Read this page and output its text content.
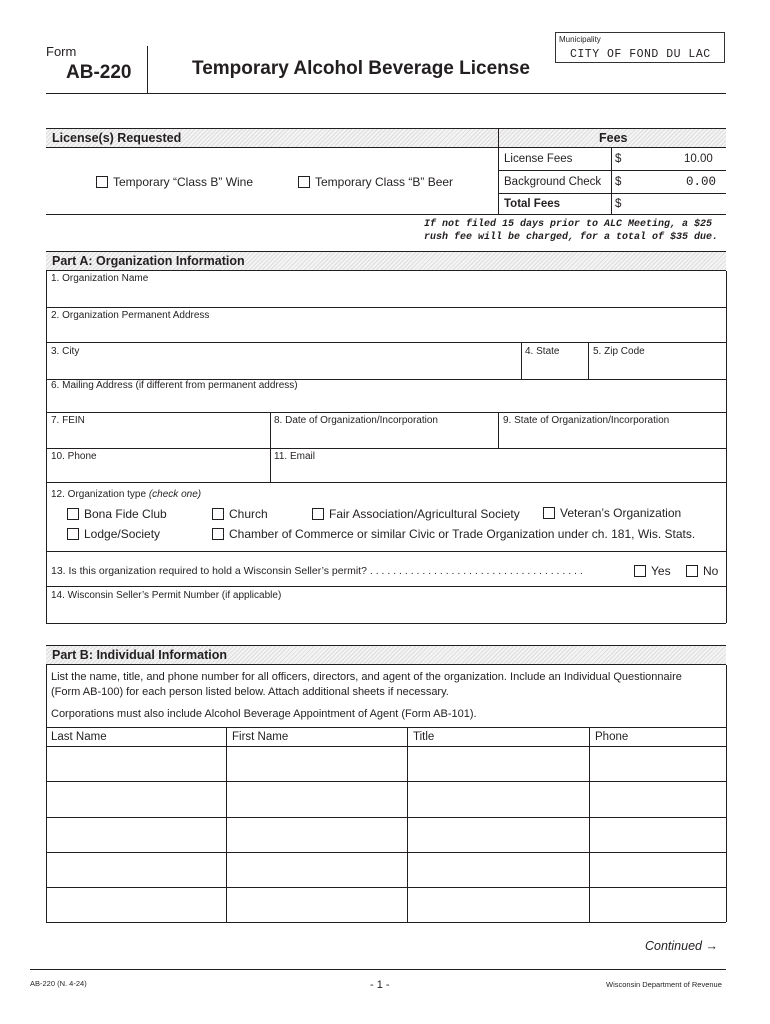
Form
AB-220	Temporary Alcohol Beverage License
Municipality
CITY OF FOND DU LAC
License(s) Requested	Fees
Temporary “Class B” Wine	Temporary Class “B” Beer
License Fees	$	10.00
Background Check $	0.00
Total Fees	$
If not filed 15 days prior to ALC Meeting, a $25
rush fee will be charged, for a total of $35 due.
Part A: Organization Information
1. Organization Name
2. Organization Permanent Address
3. City	4. State	5. Zip Code
6. Mailing Address (if different from permanent address)
7. FEIN	8. Date of Organization/Incorporation	9. State of Organization/Incorporation
10. Phone	11. Email
12. Organization type (check one)
Bona Fide Club	Church	Fair Association/Agricultural Society	Veteran’s Organization
Lodge/Society	Chamber of Commerce or similar Civic or Trade Organization under ch. 181, Wis. Stats.
13. Is this organization required to hold a Wisconsin Seller’s permit? . . . . . . . . . . . . . . . . . . . . . . . . . . . . . . . . . . . . .	Yes	No
14. Wisconsin Seller’s Permit Number (if applicable)
Part B: Individual Information
List the name, title, and phone number for all officers, directors, and agent of the organization. Include an Individual Questionnaire
(Form AB-100) for each person listed below. Attach additional sheets if necessary.
Corporations must also include Alcohol Beverage Appointment of Agent (Form AB-101).
Last Name	First Name	Title	Phone
Continued →
AB-220 (N. 4-24)	- 1 -	Wisconsin Department of Revenue
